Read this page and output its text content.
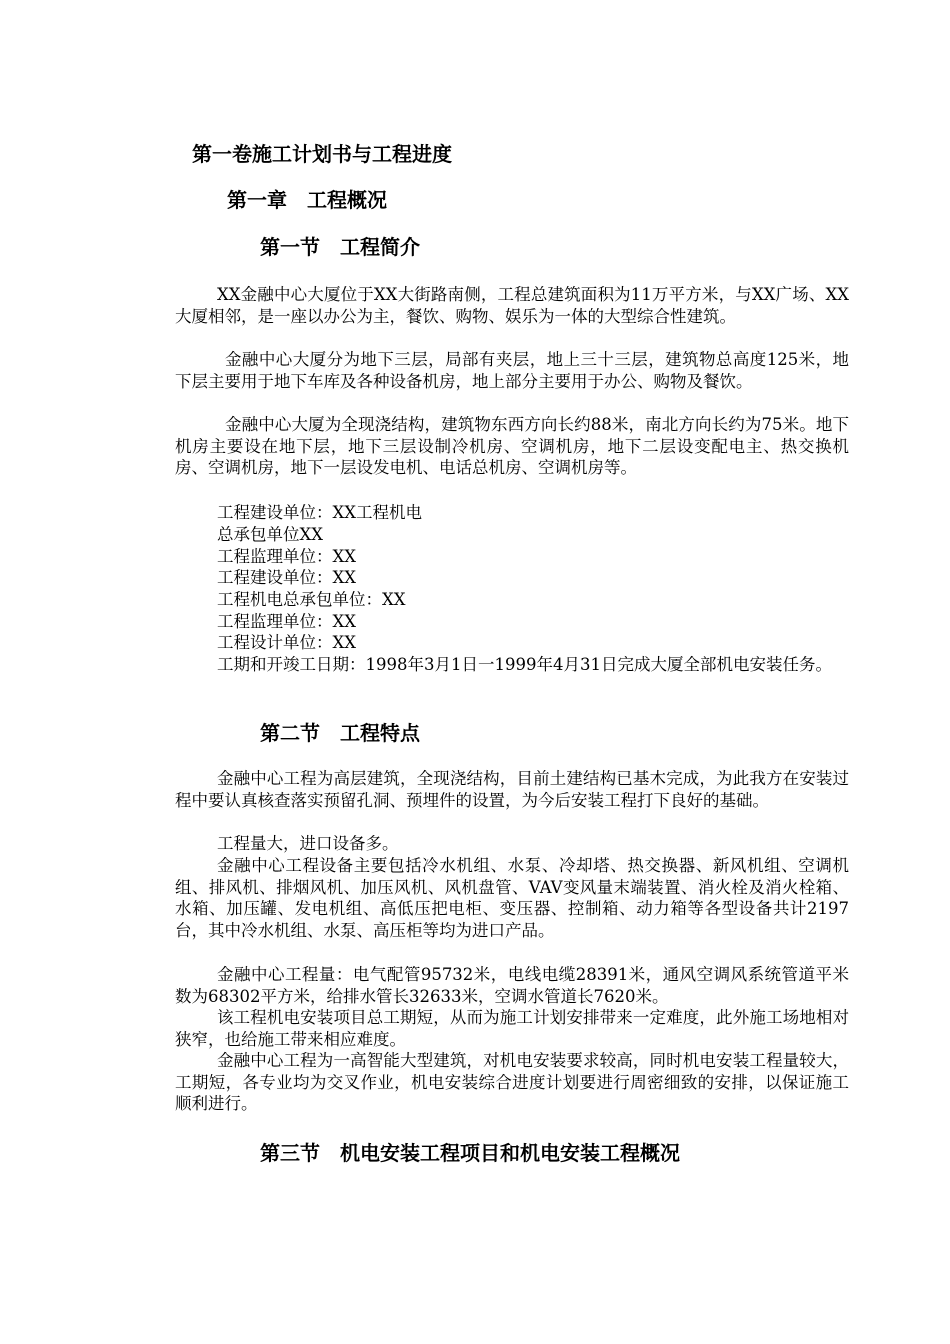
第一卷施工计划书与工程进度
第一章　工程概况
第一节　工程简介

XX金融中心大厦位于XX大街路南侧，工程总建筑面积为11万平方米，与XX广场、XX大厦相邻，是一座以办公为主，餐饮、购物、娱乐为一体的大型综合性建筑。

金融中心大厦分为地下三层，局部有夹层，地上三十三层，建筑物总高度125米，地下层主要用于地下车库及各种设备机房，地上部分主要用于办公、购物及餐饮。

金融中心大厦为全现浇结构，建筑物东西方向长约88米，南北方向长约为75米。地下机房主要设在地下层，地下三层设制冷机房、空调机房，地下二层设变配电主、热交换机房、空调机房，地下一层设发电机、电话总机房、空调机房等。

工程建设单位：XX工程机电

总承包单位XX

工程监理单位：XX

工程建设单位：XX

工程机电总承包单位：XX

工程监理单位：XX

工程设计单位：XX

工期和开竣工日期：1998年3月1日一1999年4月31日完成大厦全部机电安装任务。

第二节　工程特点

金融中心工程为高层建筑，全现浇结构，目前土建结构已基木完成，为此我方在安装过程中要认真核查落实预留孔洞、预埋件的设置，为今后安装工程打下良好的基础。

工程量大，进口设备多。

金融中心工程设备主要包括冷水机组、水泵、冷却塔、热交换器、新风机组、空调机组、排风机、排烟风机、加压风机、风机盘管、VAV变风量末端装置、消火栓及消火栓箱、水箱、加压罐、发电机组、高低压把电柜、变压器、控制箱、动力箱等各型设备共计2197台，其中冷水机组、水泵、高压柜等均为进口产品。

金融中心工程量：电气配管95732米，电线电缆28391米，通风空调风系统管道平米数为68302平方米，给排水管长32633米，空调水管道长7620米。

该工程机电安装项目总工期短，从而为施工计划安排带来一定难度，此外施工场地相对狭窄，也给施工带来相应难度。

金融中心工程为一高智能大型建筑，对机电安装要求较高，同时机电安装工程量较大，工期短，各专业均为交叉作业，机电安装综合进度计划要进行周密细致的安排，以保证施工顺利进行。

第三节　机电安装工程项目和机电安装工程概况
